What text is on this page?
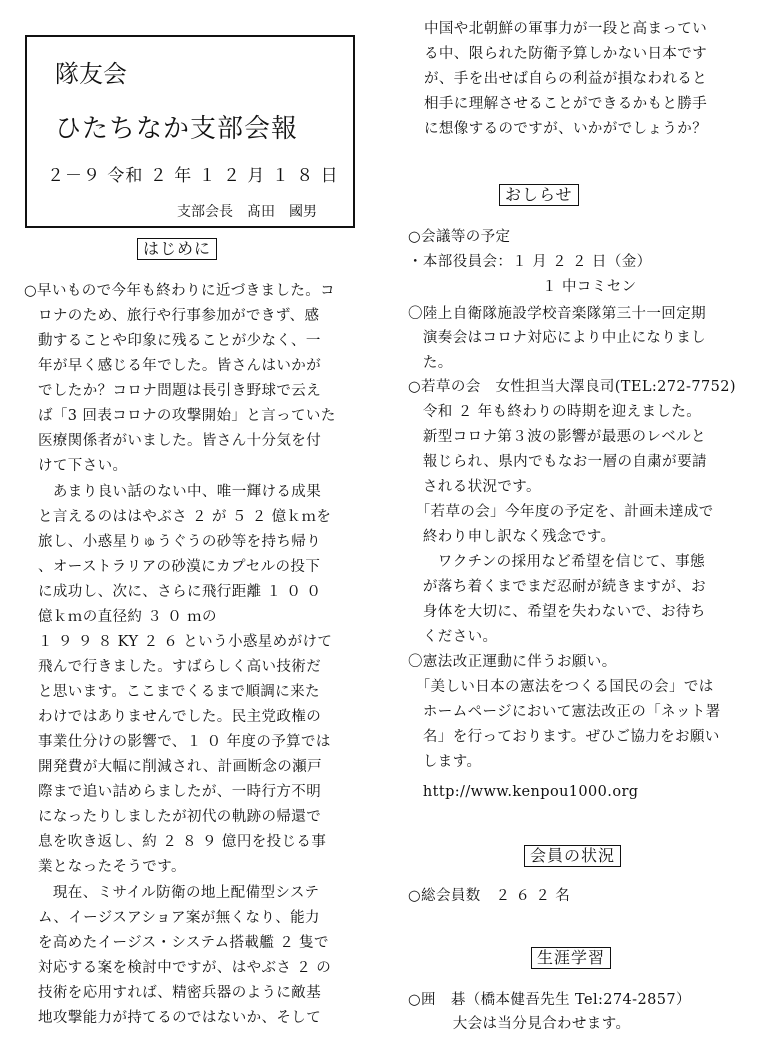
隊友会
ひたちなか支部会報
２－９ 令和 ２ 年 １ ２ 月 １ ８ 日
支部会長　髙田　國男
はじめに
○早いもので今年も終わりに近づきました。コ
ロナのため、旅行や行事参加ができず、感
動することや印象に残ることが少なく、一
年が早く感じる年でした。皆さんはいかが
でしたか？コロナ問題は長引き野球で云え
ば「3 回表コロナの攻撃開始」と言っていた
医療関係者がいました。皆さん十分気を付
けて下さい。
　あまり良い話のない中、唯一輝ける成果
と言えるのははやぶさ ２ が ５ ２ 億ｋｍを
旅し、小惑星りゅうぐうの砂等を持ち帰り
、オーストラリアの砂漠にカプセルの投下
に成功し、次に、さらに飛行距離 １ ０ ０
億ｋｍの直径約 ３ ０ ｍの
１ ９ ９ ８ KY ２ ６ という小惑星めがけて
飛んで行きました。すばらしく高い技術だ
と思います。ここまでくるまで順調に来た
わけではありませんでした。民主党政権の
事業仕分けの影響で、１ ０ 年度の予算では
開発費が大幅に削減され、計画断念の瀬戸
際まで追い詰めらましたが、一時行方不明
になったりしましたが初代の軌跡の帰還で
息を吹き返し、約 ２ ８ ９ 億円を投じる事
業となったそうです。
　現在、ミサイル防衛の地上配備型システ
ム、イージスアショア案が無くなり、能力
を高めたイージス・システム搭載艦 ２ 隻で
対応する案を検討中ですが、はやぶさ ２ の
技術を応用すれば、精密兵器のように敵基
地攻撃能力が持てるのではないか、そして
中国や北朝鮮の軍事力が一段と高まってい
る中、限られた防衛予算しかない日本です
が、手を出せば自らの利益が損なわれると
相手に理解させることができるかもと勝手
に想像するのですが、いかがでしょうか？
おしらせ
○会議等の予定
・本部役員会：１ 月 ２ ２ 日（金）
　　　　　　　　　１ 中コミセン
〇陸上自衛隊施設学校音楽隊第三十一回定期
　演奏会はコロナ対応により中止になりまし
　た。
○若草の会　女性担当大澤良司(TEL:272-7752)
　令和 ２ 年も終わりの時期を迎えました。
　新型コロナ第３波の影響が最悪のレベルと
　報じられ、県内でもなお一層の自粛が要請
　される状況です。
　「若草の会」今年度の予定を、計画未達成で
　終わり申し訳なく残念です。
　　ワクチンの採用など希望を信じて、事態
　が落ち着くまでまだ忍耐が続きますが、お
　身体を大切に、希望を失わないで、お待ち
　ください。
〇憲法改正運動に伴うお願い。
　「美しい日本の憲法をつくる国民の会」では
　ホームページにおいて憲法改正の「ネット署
　名」を行っております。ぜひご協力をお願い
　します。
　http://www.kenpou1000.org
会員の状況
○総会員数　２ ６ ２ 名
生涯学習
○囲　碁（橋本健吾先生 Tel:274-2857）
　　　大会は当分見合わせます。
